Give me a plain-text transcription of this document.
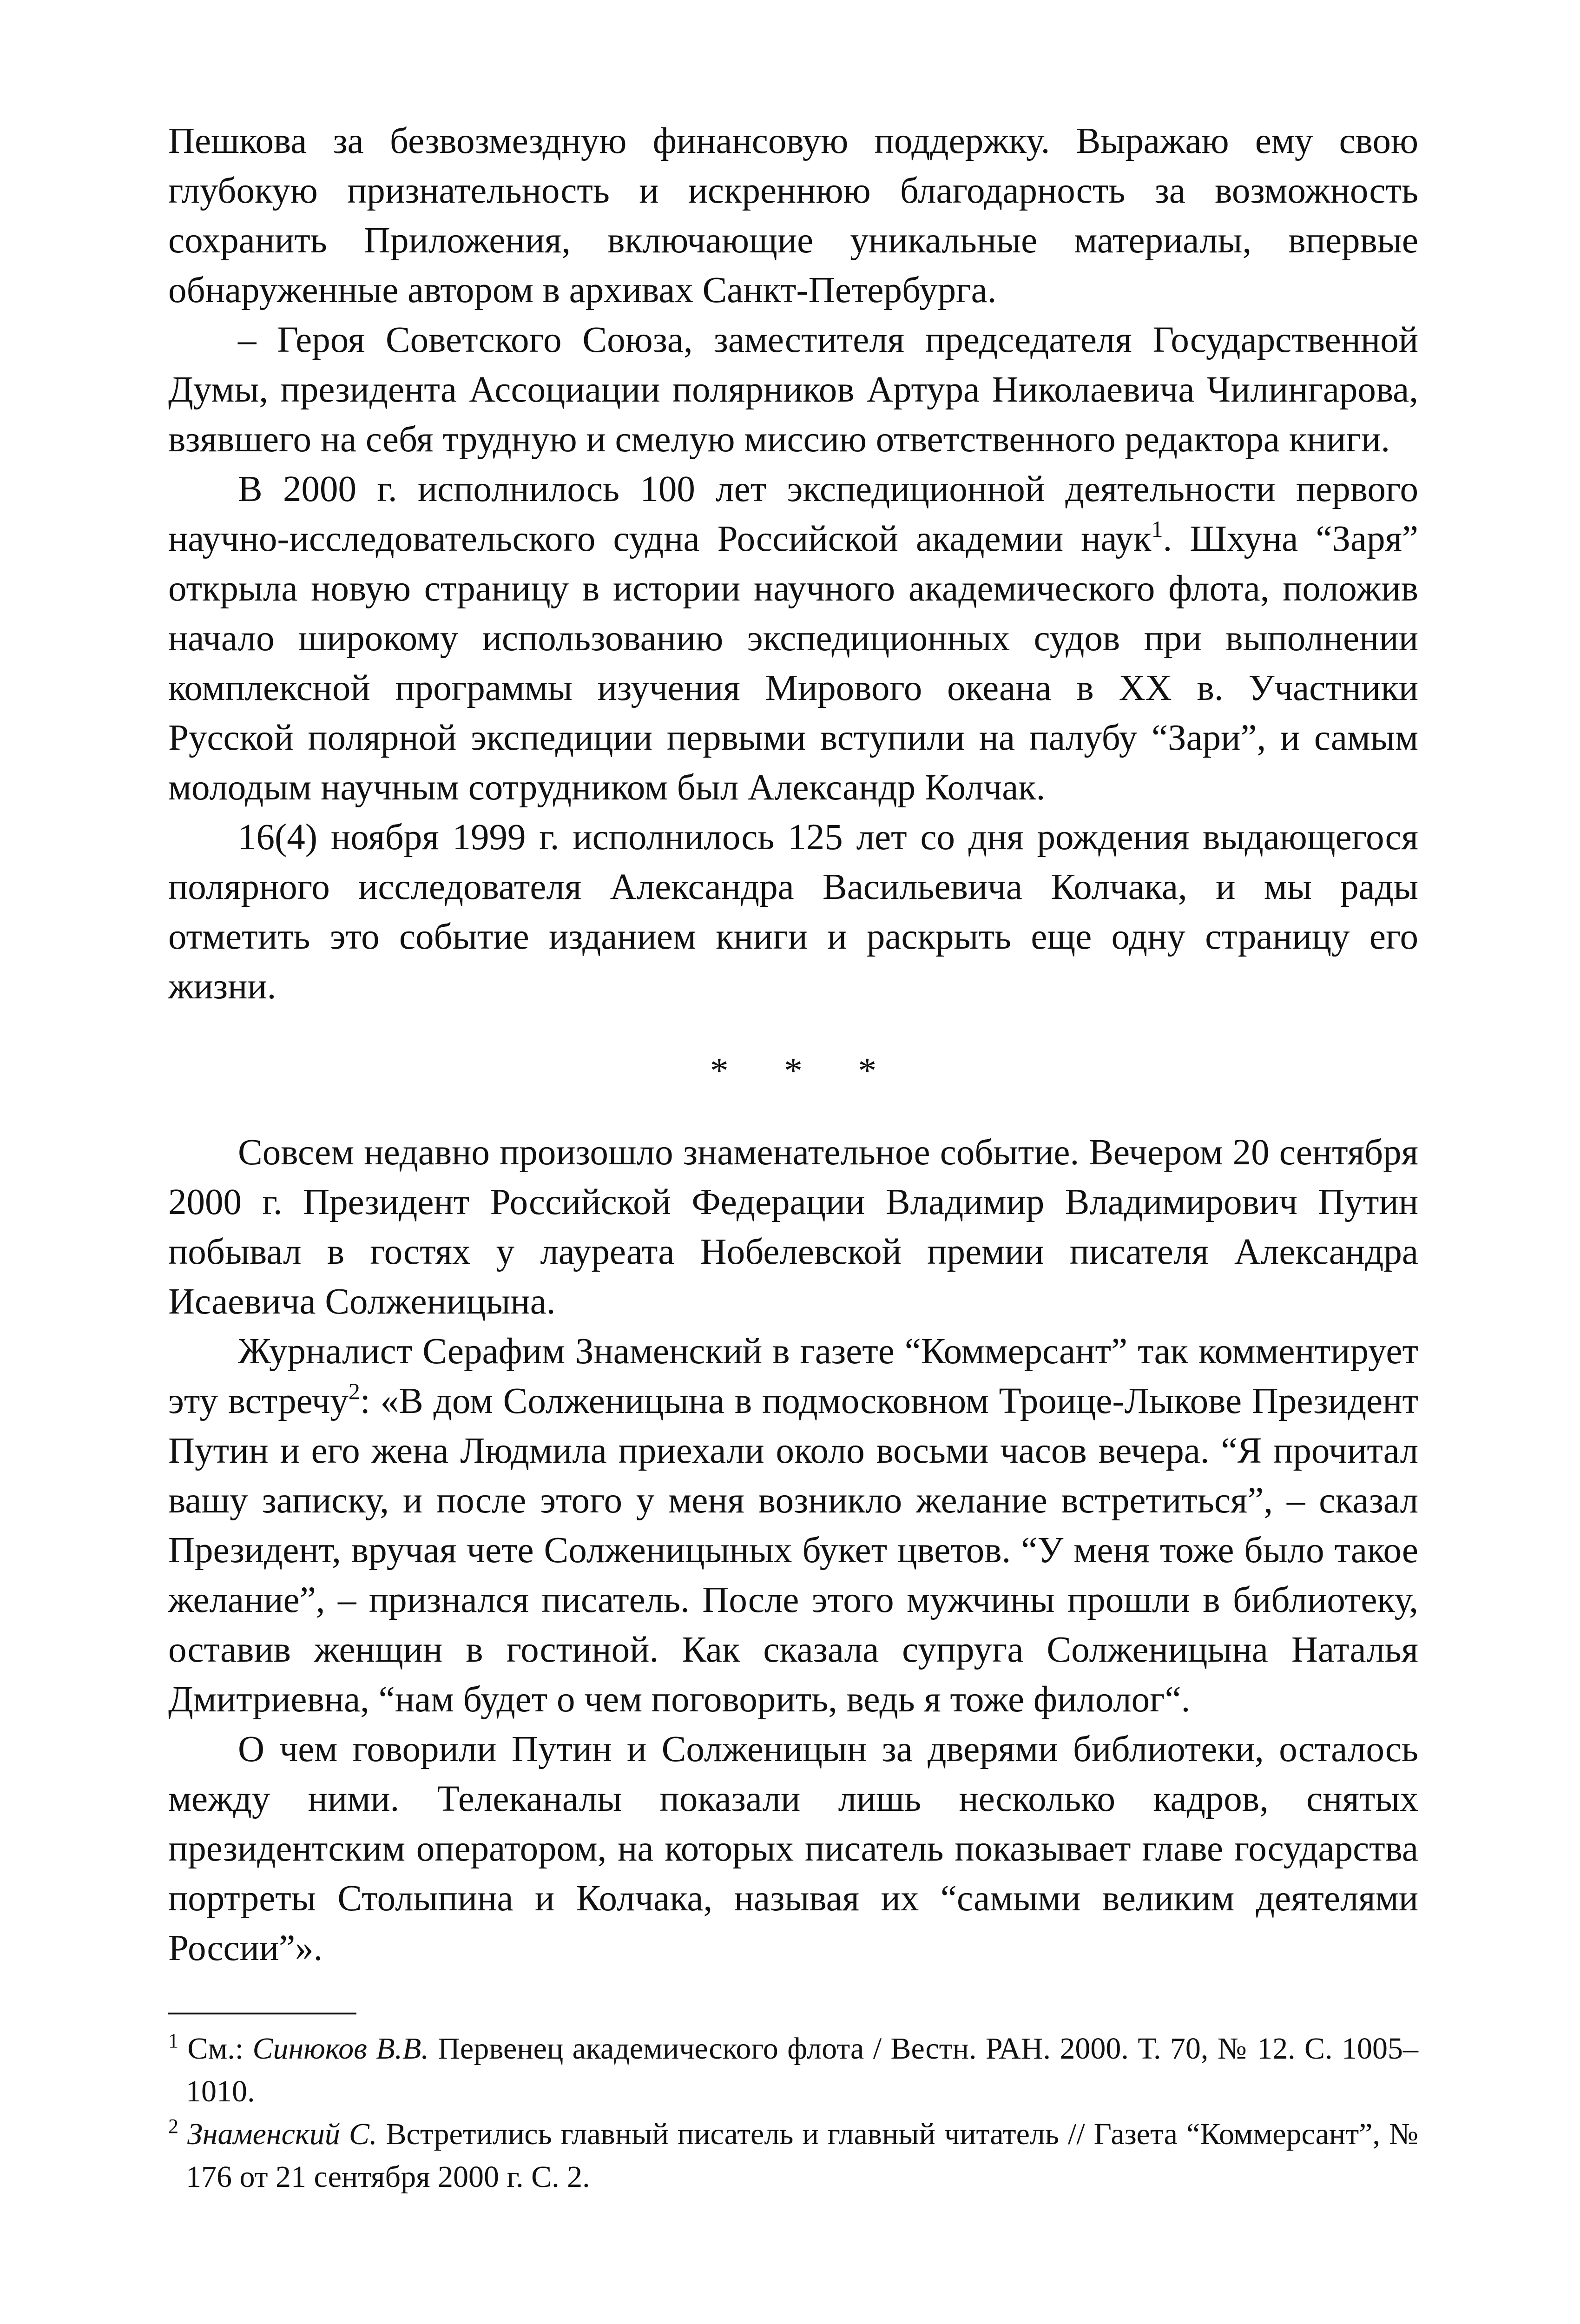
Пешкова за безвозмездную финансовую поддержку. Выражаю ему свою глубокую признательность и искреннюю благодарность за возможность сохранить Приложения, включающие уникальные материалы, впервые обнаруженные автором в архивах Санкт-Петербурга.

– Героя Советского Союза, заместителя председателя Государственной Думы, президента Ассоциации полярников Артура Николаевича Чилингарова, взявшего на себя трудную и смелую миссию ответственного редактора книги.

В 2000 г. исполнилось 100 лет экспедиционной деятельности первого научно-исследовательского судна Российской академии наук$^1$. Шхуна “Заря” открыла новую страницу в истории научного академического флота, положив начало широкому использованию экспедиционных судов при выполнении комплексной программы изучения Мирового океана в XX в. Участники Русской полярной экспедиции первыми вступили на палубу “Зари”, и самым молодым научным сотрудником был Александр Колчак.

16(4) ноября 1999 г. исполнилось 125 лет со дня рождения выдающегося полярного исследователя Александра Васильевича Колчака, и мы рады отметить это событие изданием книги и раскрыть еще одну страницу его жизни.

* * *

Совсем недавно произошло знаменательное событие. Вечером 20 сентября 2000 г. Президент Российской Федерации Владимир Владимирович Путин побывал в гостях у лауреата Нобелевской премии писателя Александра Исаевича Солженицына.

Журналист Серафим Знаменский в газете “Коммерсант” так комментирует эту встречу$^2$: «В дом Солженицына в подмосковном Троице-Лыкове Президент Путин и его жена Людмила приехали около восьми часов вечера. “Я прочитал вашу записку, и после этого у меня возникло желание встретиться”, – сказал Президент, вручая чете Солженицыных букет цветов. “У меня тоже было такое желание”, – признался писатель. После этого мужчины прошли в библиотеку, оставив женщин в гостиной. Как сказала супруга Солженицына Наталья Дмитриевна, “нам будет о чем поговорить, ведь я тоже филолог“.

О чем говорили Путин и Солженицын за дверями библиотеки, осталось между ними. Телеканалы показали лишь несколько кадров, снятых президентским оператором, на которых писатель показывает главе государства портреты Столыпина и Колчака, называя их “самыми великим деятелями России”».

$^1$ См.: Синюков В.В. Первенец академического флота / Вестн. РАН. 2000. Т. 70, № 12. С. 1005–1010.

$^2$ Знаменский С. Встретились главный писатель и главный читатель // Газета “Коммерсант”, № 176 от 21 сентября 2000 г. С. 2.
